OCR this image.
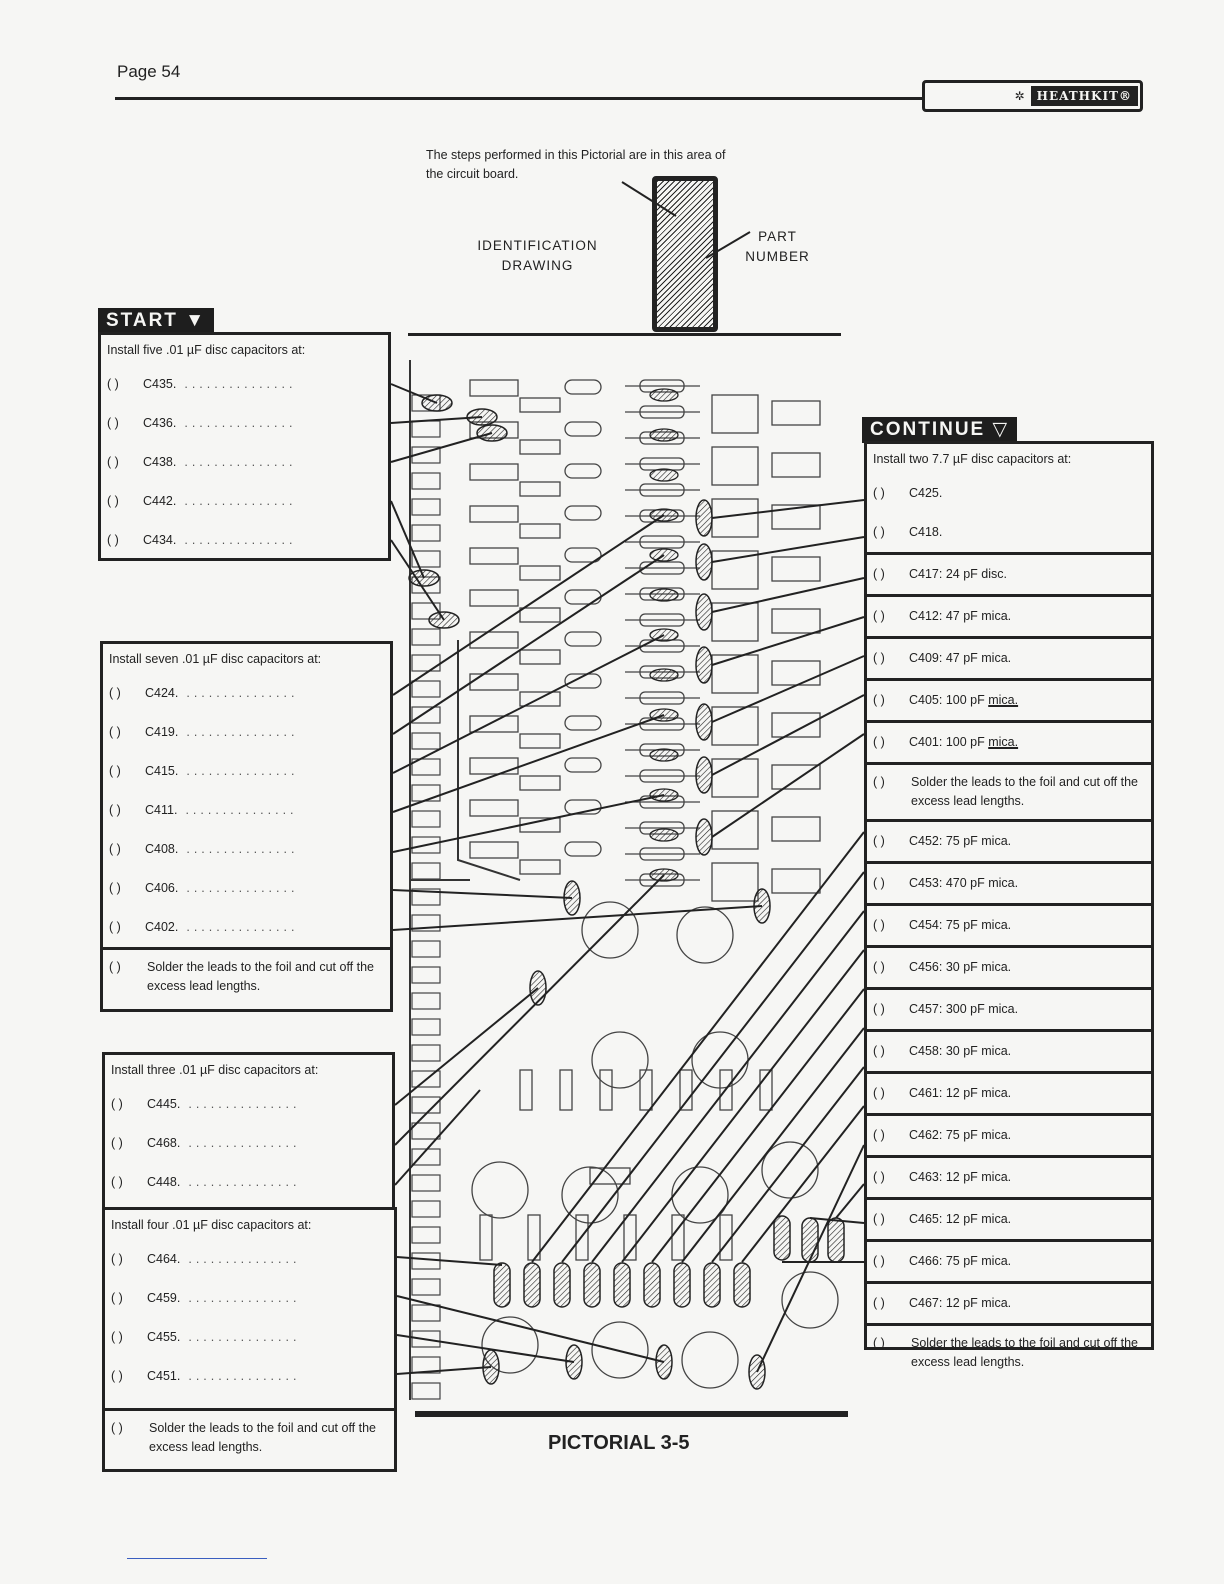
Page 54
✲	HEATHKIT®
The steps performed in this Pictorial are in this area of the circuit board.
IDENTIFICATION DRAWING
PART NUMBER
START ▼
Install five .01 µF disc capacitors at:
( ) C435. ...............
( ) C436. ...............
( ) C438. ...............
( ) C442. ...............
( ) C434. ...............
Install seven .01 µF disc capacitors at:
( ) C424. ...............
( ) C419. ...............
( ) C415. ...............
( ) C411. ...............
( ) C408. ...............
( ) C406. ...............
( ) C402. ...............
( ) Solder the leads to the foil and cut off the excess lead lengths.
Install three .01 µF disc capacitors at:
( ) C445. ...............
( ) C468. ...............
( ) C448. ...............
Install four .01 µF disc capacitors at:
( ) C464. ...............
( ) C459. ...............
( ) C455. ...............
( ) C451. ...............
( ) Solder the leads to the foil and cut off the excess lead lengths.
CONTINUE ▽
Install two 7.7 µF disc capacitors at:
( ) C425.
( ) C418.
( ) C417: 24 pF disc.
( ) C412: 47 pF mica.
( ) C409: 47 pF mica.
( ) C405: 100 pF mica.
( ) C401: 100 pF mica.
( ) Solder the leads to the foil and cut off the excess lead lengths.
( ) C452: 75 pF mica.
( ) C453: 470 pF mica.
( ) C454: 75 pF mica.
( ) C456: 30 pF mica.
( ) C457: 300 pF mica.
( ) C458: 30 pF mica.
( ) C461: 12 pF mica.
( ) C462: 75 pF mica.
( ) C463: 12 pF mica.
( ) C465: 12 pF mica.
( ) C466: 75 pF mica.
( ) C467: 12 pF mica.
( ) Solder the leads to the foil and cut off the excess lead lengths.
PICTORIAL 3-5
